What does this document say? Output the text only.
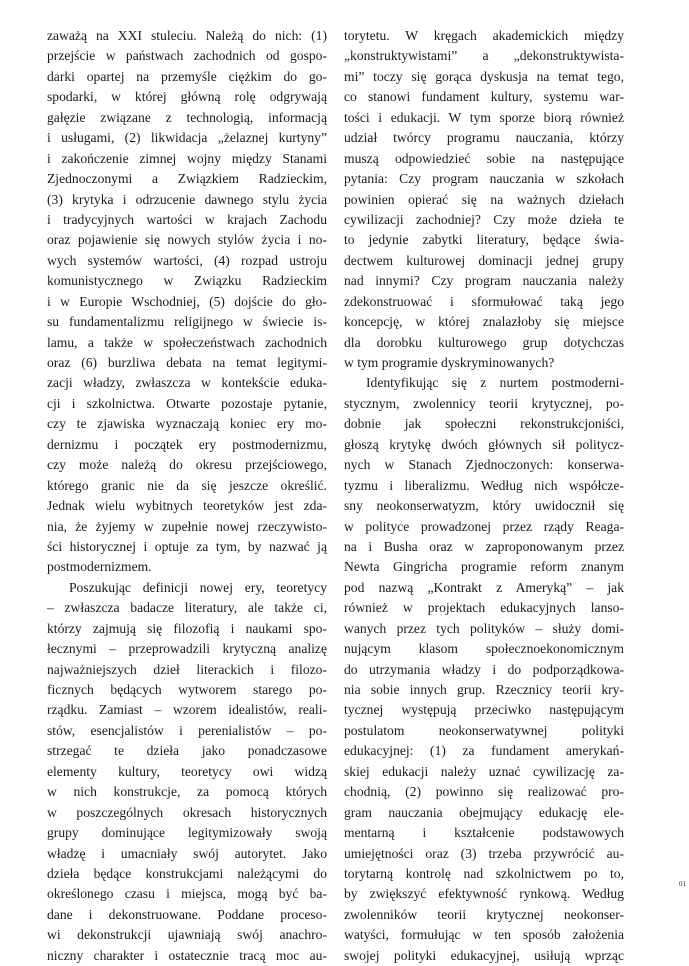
zaważą na XXI stuleciu. Należą do nich: (1)
przejście w państwach zachodnich od gospo-
darki opartej na przemyśle ciężkim do go-
spodarki, w której główną rolę odgrywają
gałęzie związane z technologią, informacją
i usługami, (2) likwidacja „żelaznej kurtyny”
i zakończenie zimnej wojny między Stanami
Zjednoczonymi a Związkiem Radzieckim,
(3) krytyka i odrzucenie dawnego stylu życia
i tradycyjnych wartości w krajach Zachodu
oraz pojawienie się nowych stylów życia i no-
wych systemów wartości, (4) rozpad ustroju
komunistycznego w Związku Radzieckim
i w Europie Wschodniej, (5) dojście do gło-
su fundamentalizmu religijnego w świecie is-
lamu, a także w społeczeństwach zachodnich
oraz (6) burzliwa debata na temat legitymi-
zacji władzy, zwłaszcza w kontekście eduka-
cji i szkolnictwa. Otwarte pozostaje pytanie,
czy te zjawiska wyznaczają koniec ery mo-
dernizmu i początek ery postmodernizmu,
czy może należą do okresu przejściowego,
którego granic nie da się jeszcze określić.
Jednak wielu wybitnych teoretyków jest zda-
nia, że żyjemy w zupełnie nowej rzeczywisto-
ści historycznej i optuje za tym, by nazwać ją
postmodernizmem.
Poszukując definicji nowej ery, teoretycy
– zwłaszcza badacze literatury, ale także ci,
którzy zajmują się filozofią i naukami spo-
łecznymi – przeprowadzili krytyczną analizę
najważniejszych dzieł literackich i filozo-
ficznych będących wytworem starego po-
rządku. Zamiast – wzorem idealistów, reali-
stów, esencjalistów i perenialistów – po-
strzegać te dzieła jako ponadczasowe
elementy kultury, teoretycy owi widzą
w nich konstrukcje, za pomocą których
w poszczególnych okresach historycznych
grupy dominujące legitymizowały swoją
władzę i umacniały swój autorytet. Jako
dzieła będące konstrukcjami należącymi do
określonego czasu i miejsca, mogą być ba-
dane i dekonstruowane. Poddane proceso-
wi dekonstrukcji ujawniają swój anachro-
niczny charakter i ostatecznie tracą moc au-
torytetu. W kręgach akademickich między
„konstruktywistami” a „dekonstruktywista-
mi” toczy się gorąca dyskusja na temat tego,
co stanowi fundament kultury, systemu war-
tości i edukacji. W tym sporze biorą również
udział twórcy programu nauczania, którzy
muszą odpowiedzieć sobie na następujące
pytania: Czy program nauczania w szkołach
powinien opierać się na ważnych dziełach
cywilizacji zachodniej? Czy może dzieła te
to jedynie zabytki literatury, będące świa-
dectwem kulturowej dominacji jednej grupy
nad innymi? Czy program nauczania należy
zdekonstruować i sformułować taką jego
koncepcję, w której znalazłoby się miejsce
dla dorobku kulturowego grup dotychczas
w tym programie dyskryminowanych?
Identyfikując się z nurtem postmoderni-
stycznym, zwolennicy teorii krytycznej, po-
dobnie jak społeczni rekonstrukcjoniści,
głoszą krytykę dwóch głównych sił politycz-
nych w Stanach Zjednoczonych: konserwa-
tyzmu i liberalizmu. Według nich współcze-
sny neokonserwatyzm, który uwidocznił się
w polityce prowadzonej przez rządy Reaga-
na i Busha oraz w zaproponowanym przez
Newta Gingricha programie reform znanym
pod nazwą „Kontrakt z Ameryką” – jak
również w projektach edukacyjnych lanso-
wanych przez tych polityków – służy domi-
nującym klasom społecznoekonomicznym
do utrzymania władzy i do podporządkowa-
nia sobie innych grup. Rzecznicy teorii kry-
tycznej występują przeciwko następującym
postulatom neokonserwatywnej polityki
edukacyjnej: (1) za fundament amerykań-
skiej edukacji należy uznać cywilizację za-
chodnią, (2) powinno się realizować pro-
gram nauczania obejmujący edukację ele-
mentarną i kształcenie podstawowych
umiejętności oraz (3) trzeba przywrócić au-
torytarną kontrolę nad szkolnictwem po to,
by zwiększyć efektywność rynkową. Według
zwolenników teorii krytycznej neokonser-
watyści, formułując w ten sposób założenia
swojej polityki edukacyjnej, usiłują wprząc
01
